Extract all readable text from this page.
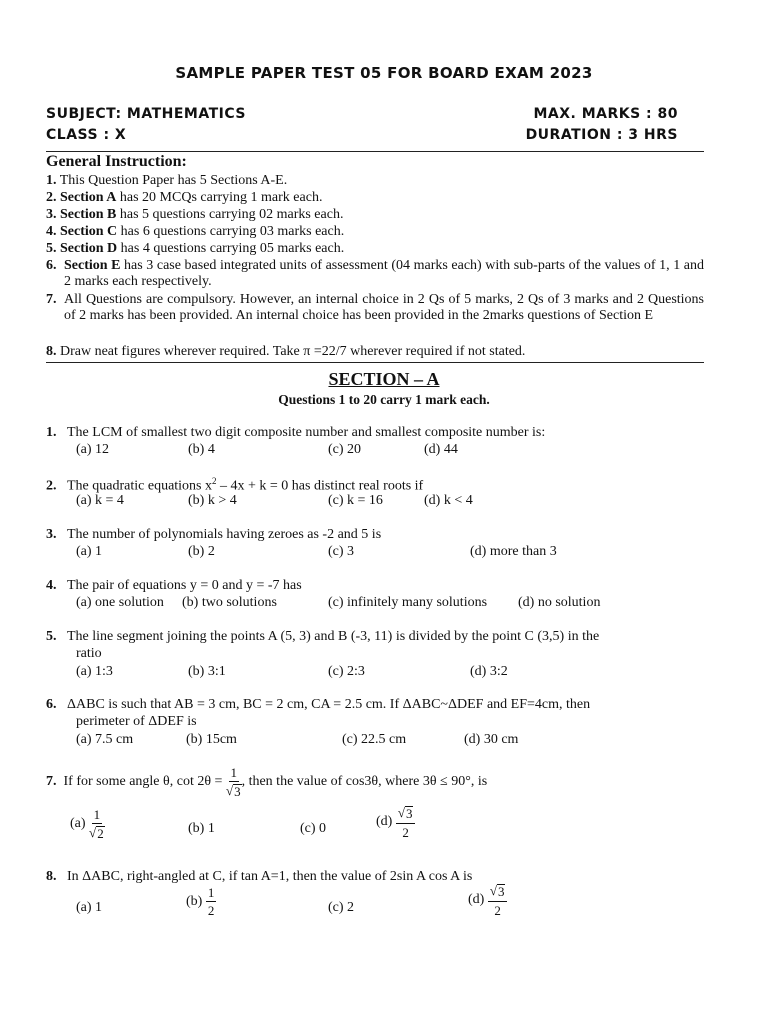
SAMPLE PAPER TEST 05 FOR BOARD EXAM 2023
SUBJECT: MATHEMATICS	MAX. MARKS : 80
CLASS : X	DURATION : 3 HRS
General Instruction:
1. This Question Paper has 5 Sections A-E.
2. Section A has 20 MCQs carrying 1 mark each.
3. Section B has 5 questions carrying 02 marks each.
4. Section C has 6 questions carrying 03 marks each.
5. Section D has 4 questions carrying 05 marks each.
6. Section E has 3 case based integrated units of assessment (04 marks each) with sub-parts of the values of 1, 1 and 2 marks each respectively.
7. All Questions are compulsory. However, an internal choice in 2 Qs of 5 marks, 2 Qs of 3 marks and 2 Questions of 2 marks has been provided. An internal choice has been provided in the 2marks questions of Section E
8. Draw neat figures wherever required. Take π =22/7 wherever required if not stated.
SECTION – A
Questions 1 to 20 carry 1 mark each.
1. The LCM of smallest two digit composite number and smallest composite number is:
(a) 12	(b) 4	(c) 20	(d) 44
2. The quadratic equations $x^2 - 4x + k = 0$ has distinct real roots if
(a) k = 4	(b) k > 4	(c) k = 16	(d) k < 4
3. The number of polynomials having zeroes as -2 and 5 is
(a) 1	(b) 2	(c) 3	(d) more than 3
4. The pair of equations y = 0 and y = -7 has
(a) one solution (b) two solutions	(c) infinitely many solutions (d) no solution
5. The line segment joining the points A (5, 3) and B (-3, 11) is divided by the point C (3,5) in the
ratio
(a) 1:3	(b) 3:1	(c) 2:3	(d) 3:2
6. ΔABC is such that AB = 3 cm, BC = 2 cm, CA = 2.5 cm. If ΔABC~ΔDEF and EF=4cm, then
perimeter of ΔDEF is
(a) 7.5 cm	(b) 15cm	(c) 22.5 cm	(d) 30 cm
7.
If for some angle θ, cot 2θ =
$\frac{1}{√ 3}$ , then the value of cos3θ, where 3θ ≤ 90°, is
(a)
$\frac{1}{√ 2}$	(b) 1	(c) 0	(d)
$\frac{√ 3}{2}$
8. In ΔABC, right-angled at C, if tan A=1, then the value of 2sin A cos A is
(a) 1	(b)
$\frac{1}{2}$	(c) 2
(d)
$\frac{√ 3}{2}$
